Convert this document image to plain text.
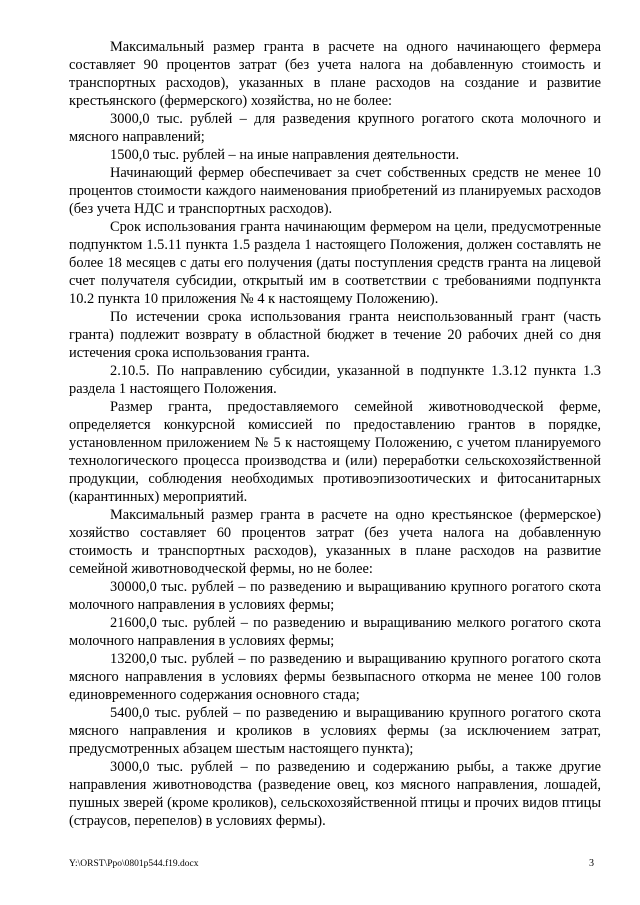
Максимальный размер гранта в расчете на одного начинающего фермера составляет 90 процентов затрат (без учета налога на добавленную стоимость и транспортных расходов), указанных в плане расходов на создание и развитие крестьянского (фермерского) хозяйства, но не более:

3000,0 тыс. рублей – для разведения крупного рогатого скота молочного и мясного направлений;

1500,0 тыс. рублей – на иные направления деятельности.

Начинающий фермер обеспечивает за счет собственных средств не менее 10 процентов стоимости каждого наименования приобретений из планируемых расходов (без учета НДС и транспортных расходов).

Срок использования гранта начинающим фермером на цели, предусмотренные подпунктом 1.5.11 пункта 1.5 раздела 1 настоящего Положения, должен составлять не более 18 месяцев с даты его получения (даты поступления средств гранта на лицевой счет получателя субсидии, открытый им в соответствии с требованиями подпункта 10.2 пункта 10 приложения № 4 к настоящему Положению).

По истечении срока использования гранта неиспользованный грант (часть гранта) подлежит возврату в областной бюджет в течение 20 рабочих дней со дня истечения срока использования гранта.

2.10.5. По направлению субсидии, указанной в подпункте 1.3.12 пункта 1.3 раздела 1 настоящего Положения.

Размер гранта, предоставляемого семейной животноводческой ферме, определяется конкурсной комиссией по предоставлению грантов в порядке, установленном приложением № 5 к настоящему Положению, с учетом планируемого технологического процесса производства и (или) переработки сельскохозяйственной продукции, соблюдения необходимых противоэпизоотических и фитосанитарных (карантинных) мероприятий.

Максимальный размер гранта в расчете на одно крестьянское (фермерское) хозяйство составляет 60 процентов затрат (без учета налога на добавленную стоимость и транспортных расходов), указанных в плане расходов на развитие семейной животноводческой фермы, но не более:

30000,0 тыс. рублей – по разведению и выращиванию крупного рогатого скота молочного направления в условиях фермы;

21600,0 тыс. рублей – по разведению и выращиванию мелкого рогатого скота молочного направления в условиях фермы;

13200,0 тыс. рублей – по разведению и выращиванию крупного рогатого скота мясного направления в условиях фермы безвыпасного откорма не менее 100 голов единовременного содержания основного стада;

5400,0 тыс. рублей – по разведению и выращиванию крупного рогатого скота мясного направления и кроликов в условиях фермы (за исключением затрат, предусмотренных абзацем шестым настоящего пункта);

3000,0 тыс. рублей – по разведению и содержанию рыбы, а также другие направления животноводства (разведение овец, коз мясного направления, лошадей, пушных зверей (кроме кроликов), сельскохозяйственной птицы и прочих видов птицы (страусов, перепелов) в условиях фермы).

Y:\ORST\Ppo\0801p544.f19.docx	3
